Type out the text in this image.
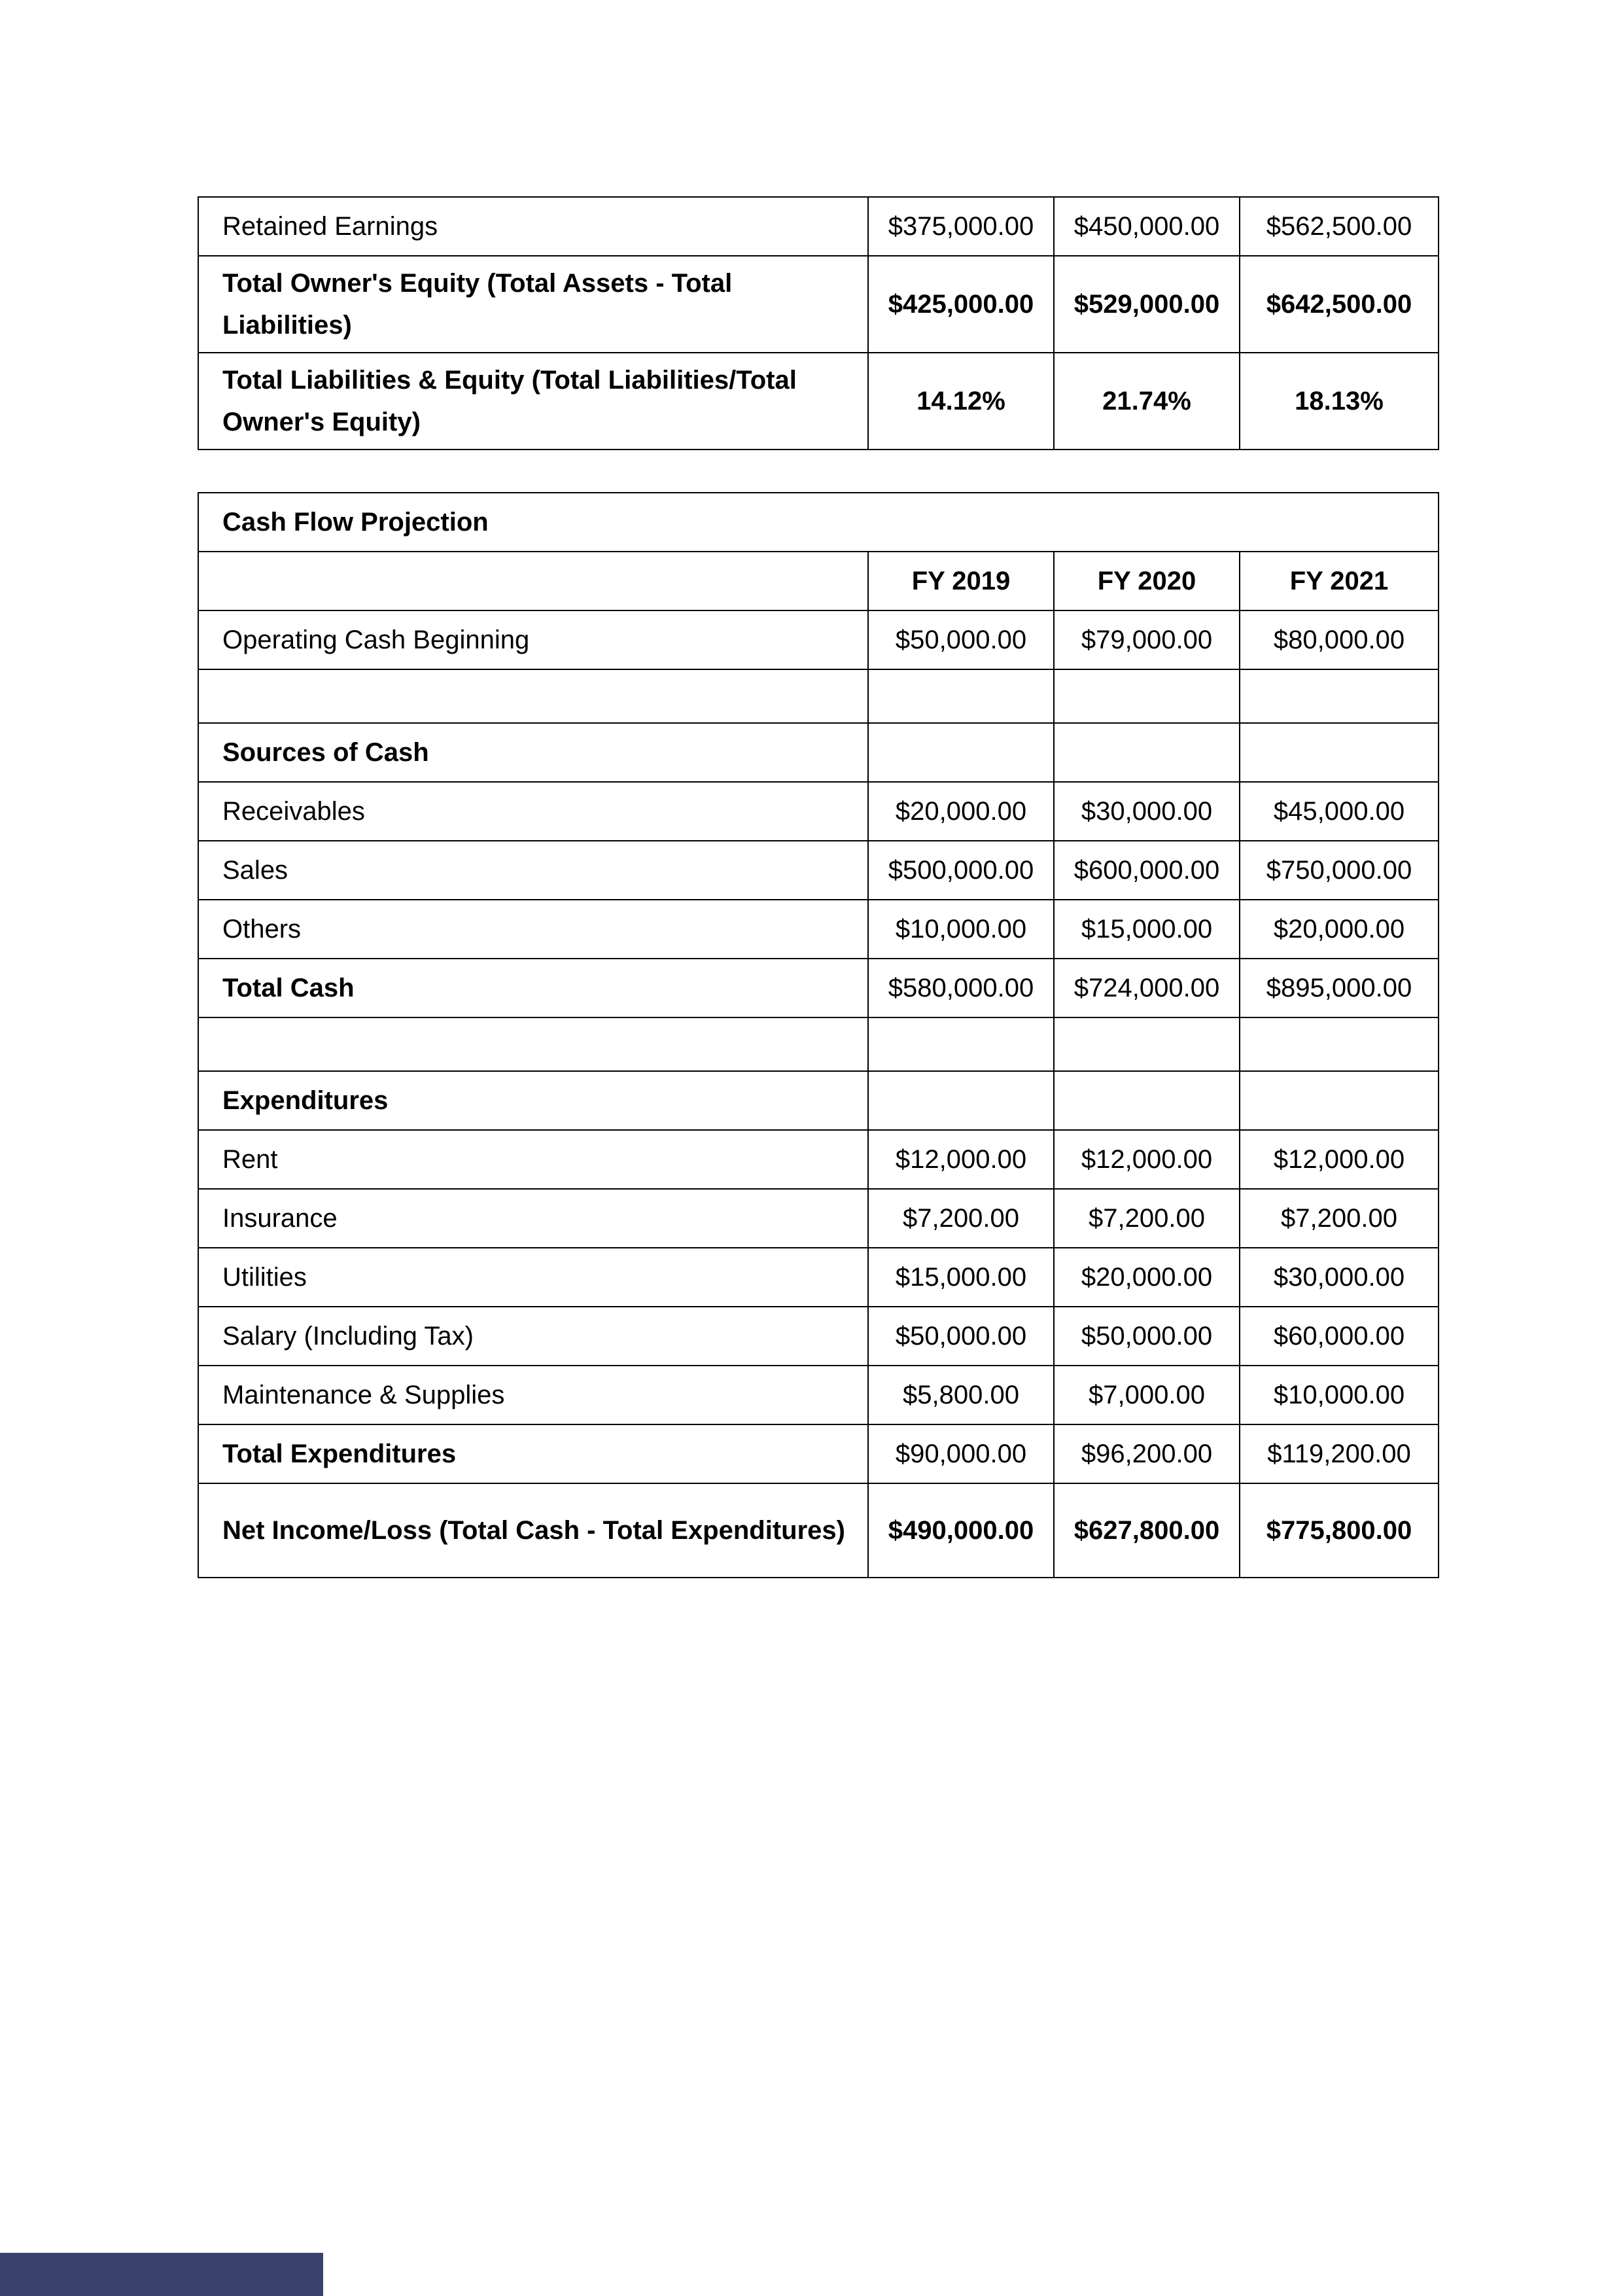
Retained Earnings	$375,000.00	$450,000.00	$562,500.00
Total Owner's Equity (Total Assets - Total Liabilities)	$425,000.00	$529,000.00	$642,500.00
Total Liabilities & Equity (Total Liabilities/Total Owner's Equity)	14.12%	21.74%	18.13%
Cash Flow Projection			
	FY 2019	FY 2020	FY 2021
Operating Cash Beginning	$50,000.00	$79,000.00	$80,000.00

Sources of Cash			
Receivables	$20,000.00	$30,000.00	$45,000.00
Sales	$500,000.00	$600,000.00	$750,000.00
Others	$10,000.00	$15,000.00	$20,000.00
Total Cash	$580,000.00	$724,000.00	$895,000.00

Expenditures			
Rent	$12,000.00	$12,000.00	$12,000.00
Insurance	$7,200.00	$7,200.00	$7,200.00
Utilities	$15,000.00	$20,000.00	$30,000.00
Salary (Including Tax)	$50,000.00	$50,000.00	$60,000.00
Maintenance & Supplies	$5,800.00	$7,000.00	$10,000.00
Total Expenditures	$90,000.00	$96,200.00	$119,200.00
Net Income/Loss (Total Cash - Total Expenditures)	$490,000.00	$627,800.00	$775,800.00
